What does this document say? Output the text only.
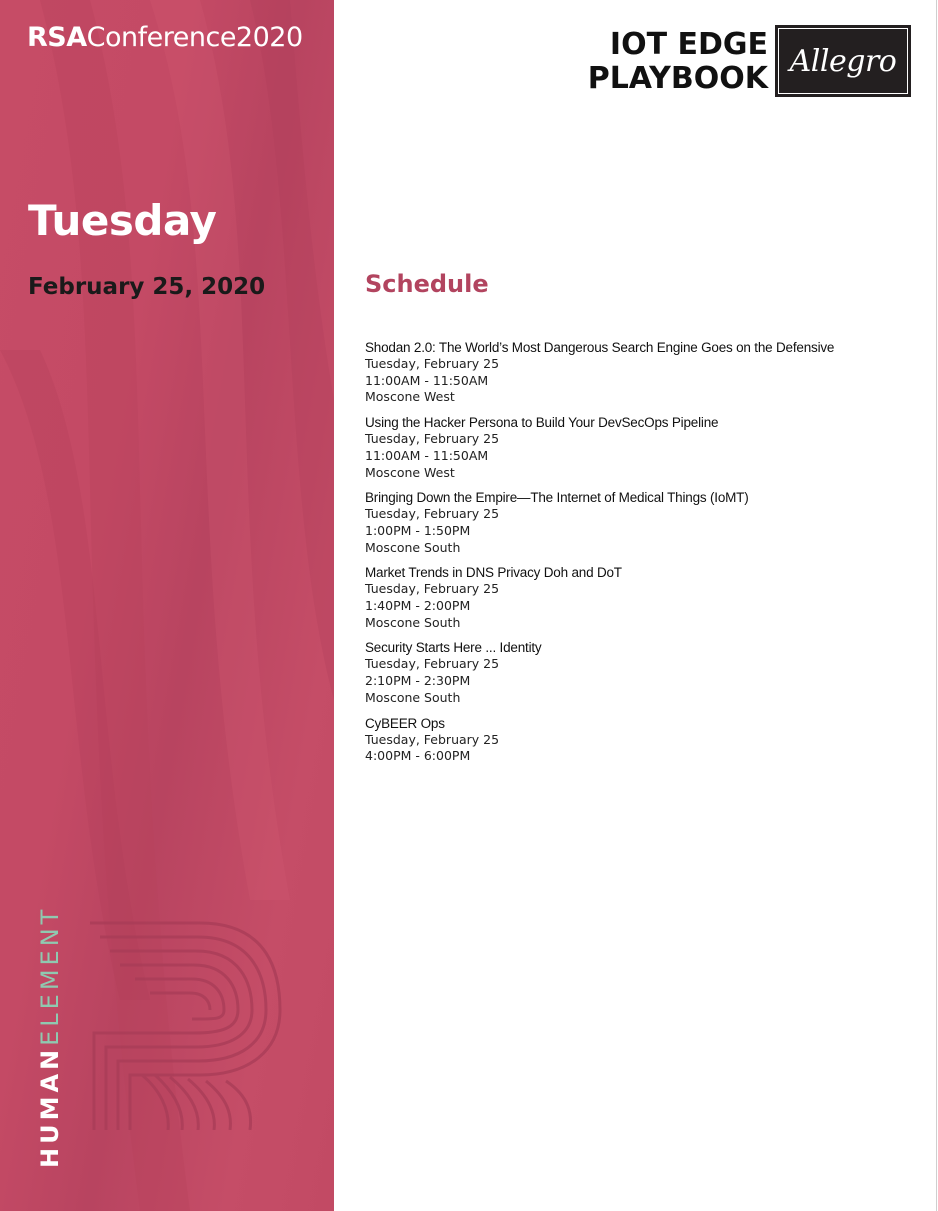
RSAConference2020
Tuesday
February 25, 2020
HUMANELEMENT
IOT EDGE
PLAYBOOK Allegro
Schedule
Shodan 2.0: The World’s Most Dangerous Search Engine Goes on the Defensive
Tuesday, February 25
11:00AM - 11:50AM
Moscone West
Using the Hacker Persona to Build Your DevSecOps Pipeline
Tuesday, February 25
11:00AM - 11:50AM
Moscone West
Bringing Down the Empire—The Internet of Medical Things (IoMT)
Tuesday, February 25
1:00PM - 1:50PM
Moscone South
Market Trends in DNS Privacy Doh and DoT
Tuesday, February 25
1:40PM - 2:00PM
Moscone South
Security Starts Here ... Identity
Tuesday, February 25
2:10PM - 2:30PM
Moscone South
CyBEER Ops
Tuesday, February 25
4:00PM - 6:00PM
